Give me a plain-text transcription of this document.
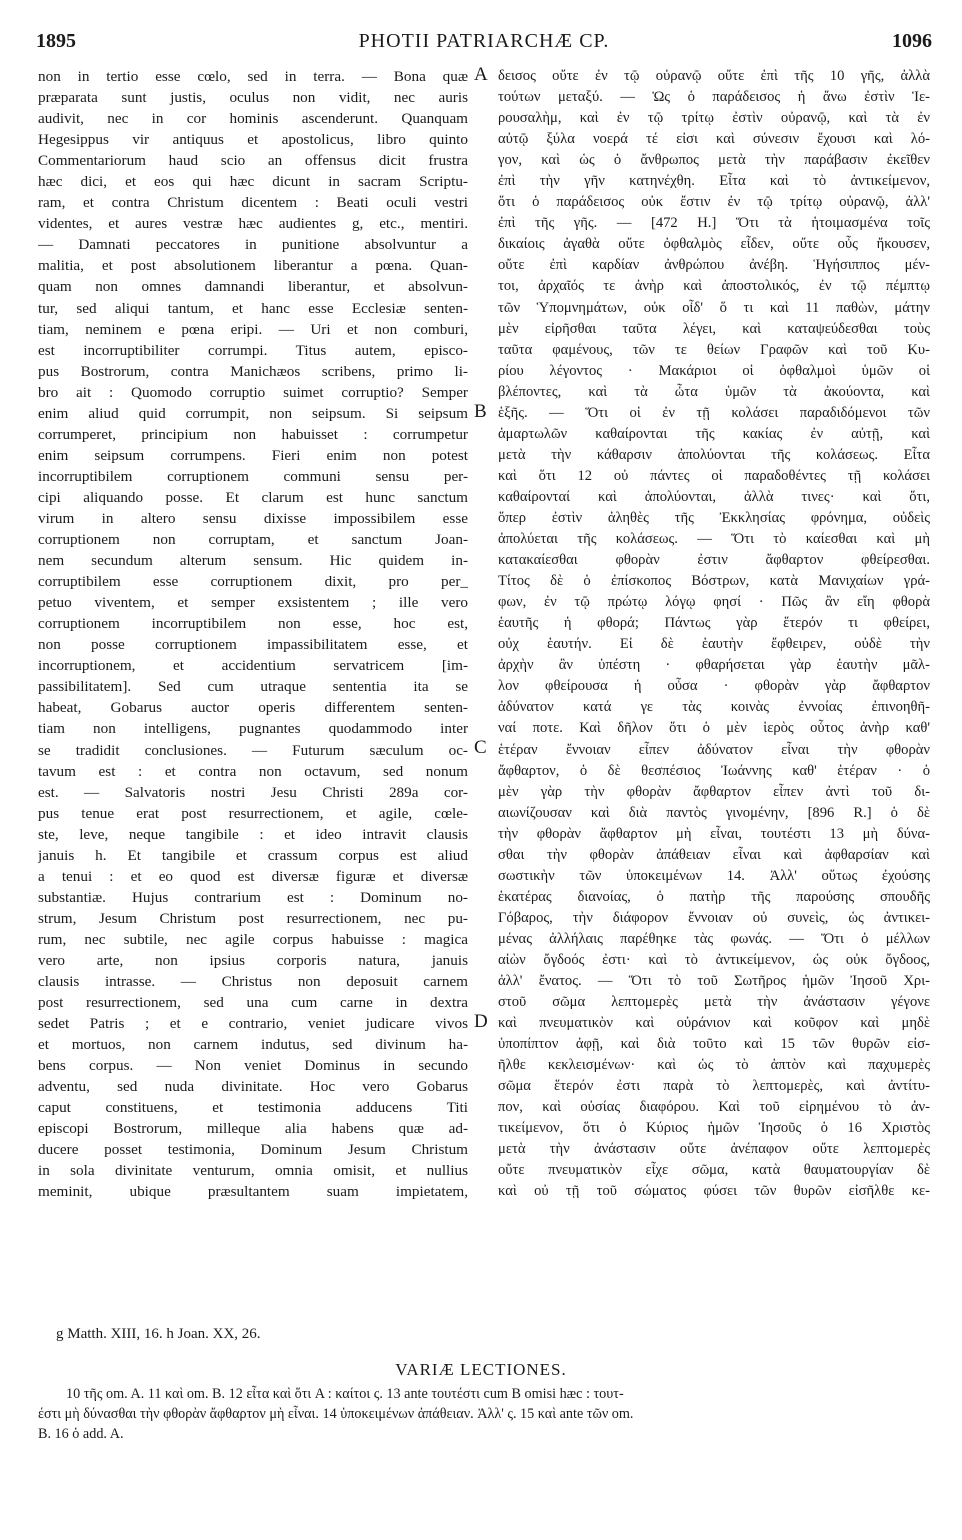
1895	PHOTII PATRIARCHÆ CP.	1096
non in tertio esse cœlo, sed in terra. — Bona quæ
præparata sunt justis, oculus non vidit, nec auris
audivit, nec in cor hominis ascenderunt. Quanquam
Hegesippus vir antiquus et apostolicus, libro quinto
Commentariorum haud scio an offensus dicit frustra
hæc dici, et eos qui hæc dicunt in sacram Scriptu-
ram, et contra Christum dicentem : Beati oculi vestri
videntes, et aures vestræ hæc audientes g, etc., mentiri.
— Damnati peccatores in punitione absolvuntur a
malitia, et post absolutionem liberantur a pœna. Quan-
quam non omnes damnandi liberantur, et absolvun-
tur, sed aliqui tantum, et hanc esse Ecclesiæ senten-
tiam, neminem e pœna eripi. — Uri et non comburi,
est incorruptibiliter corrumpi. Titus autem, episco-
pus Bostrorum, contra Manichæos scribens, primo li-
bro ait : Quomodo corruptio suimet corruptio? Semper
enim aliud quid corrumpit, non seipsum. Si seipsum
corrumperet, principium non habuisset : corrumpetur
enim seipsum corrumpens. Fieri enim non potest
incorruptibilem corruptionem communi sensu per-
cipi aliquando posse. Et clarum est hunc sanctum
virum in altero sensu dixisse impossibilem esse
corruptionem non corruptam, et sanctum Joan-
nem secundum alterum sensum. Hic quidem in-
corruptibilem esse corruptionem dixit, pro per_
petuo viventem, et semper exsistentem ; ille vero
corruptionem incorruptibilem non esse, hoc est,
non posse corruptionem impassibilitatem esse, et
incorruptionem, et accidentium servatricem [im-
passibilitatem]. Sed cum utraque sententia ita se
habeat, Gobarus auctor operis differentem senten-
tiam non intelligens, pugnantes quodammodo inter
se tradidit conclusiones. — Futurum sæculum oc-
tavum est : et contra non octavum, sed nonum
est. — Salvatoris nostri Jesu Christi 289a cor-
pus tenue erat post resurrectionem, et agile, cœle-
ste, leve, neque tangibile : et ideo intravit clausis
januis h. Et tangibile et crassum corpus est aliud
a tenui : et eo quod est diversæ figuræ et diversæ
substantiæ. Hujus contrarium est : Dominum no-
strum, Jesum Christum post resurrectionem, nec pu-
rum, nec subtile, nec agile corpus habuisse : magica
vero arte, non ipsius corporis natura, januis
clausis intrasse. — Christus non deposuit carnem
post resurrectionem, sed una cum carne in dextra
sedet Patris ; et e contrario, veniet judicare vivos
et mortuos, non carnem indutus, sed divinum ha-
bens corpus. — Non veniet Dominus in secundo
adventu, sed nuda divinitate. Hoc vero Gobarus
caput constituens, et testimonia adducens Titi
episcopi Bostrorum, milleque alia habens quæ ad-
ducere posset testimonia, Dominum Jesum Christum
in sola divinitate venturum, omnia omisit, et nullius
meminit, ubique præsultantem suam impietatem,
δεισος οὔτε ἐν τῷ οὐρανῷ οὔτε ἐπὶ τῆς 10 γῆς, ἀλλὰ
τούτων μεταξύ. — Ὡς ὁ παράδεισος ἡ ἄνω ἐστὶν Ἱε-
ρουσαλὴμ, καὶ ἐν τῷ τρίτῳ ἐστὶν οὐρανῷ, καὶ τὰ ἐν
αὐτῷ ξύλα νοερά τέ εἰσι καὶ σύνεσιν ἔχουσι καὶ λό-
γον, καὶ ὡς ὁ ἄνθρωπος μετὰ τὴν παράβασιν ἐκεῖθεν
ἐπὶ τὴν γῆν κατηνέχθη. Εἶτα καὶ τὸ ἀντικείμενον,
ὅτι ὁ παράδεισος οὐκ ἔστιν ἐν τῷ τρίτῳ οὐρανῷ, ἀλλ'
ἐπὶ τῆς γῆς. — [472 H.] Ὅτι τὰ ἡτοιμασμένα τοῖς
δικαίοις ἀγαθὰ οὔτε ὀφθαλμὸς εἶδεν, οὔτε οὖς ἤκουσεν,
οὔτε ἐπὶ καρδίαν ἀνθρώπου ἀνέβη. Ἡγήσιππος μέν-
τοι, ἀρχαῖός τε ἀνὴρ καὶ ἀποστολικός, ἐν τῷ πέμπτῳ
τῶν Ὑπομνημάτων, οὐκ οἶδ' ὅ τι καὶ 11 παθὼν, μάτην
μὲν εἰρῆσθαι ταῦτα λέγει, καὶ καταψεύδεσθαι τοὺς
ταῦτα φαμένους, τῶν τε θείων Γραφῶν καὶ τοῦ Κυ-
ρίου λέγοντος · Μακάριοι οἱ ὀφθαλμοὶ ὑμῶν οἱ
βλέποντες, καὶ τὰ ὦτα ὑμῶν τὰ ἀκούοντα, καὶ
ἑξῆς. — Ὅτι οἱ ἐν τῇ κολάσει παραδιδόμενοι τῶν
ἁμαρτωλῶν καθαίρονται τῆς κακίας ἐν αὐτῇ, καὶ
μετὰ τὴν κάθαρσιν ἀπολύονται τῆς κολάσεως. Εἶτα
καὶ ὅτι 12 οὐ πάντες οἱ παραδοθέντες τῇ κολάσει
καθαίρονταί καὶ ἀπολύονται, ἀλλὰ τινες· καὶ ὅτι,
ὅπερ ἐστὶν ἀληθὲς τῆς Ἐκκλησίας φρόνημα, οὐδεὶς
ἀπολύεται τῆς κολάσεως. — Ὅτι τὸ καίεσθαι καὶ μὴ
κατακαίεσθαι φθορὰν ἐστιν ἄφθαρτον φθείρεσθαι.
Τίτος δὲ ὁ ἐπίσκοπος Βόστρων, κατὰ Μανιχαίων γρά-
φων, ἐν τῷ πρώτῳ λόγῳ φησί · Πῶς ἂν εἴη φθορὰ
ἑαυτῆς ἡ φθορά; Πάντως γὰρ ἕτερόν τι φθείρει,
οὐχ ἑαυτήν. Εἰ δὲ ἑαυτὴν ἔφθειρεν, οὐδὲ τὴν
ἀρχὴν ἂν ὑπέστη · φθαρήσεται γὰρ ἑαυτὴν μᾶλ-
λον φθείρουσα ἡ οὖσα · φθορὰν γὰρ ἄφθαρτον
ἀδύνατον κατά γε τὰς κοινὰς ἐννοίας ἐπινοηθῆ-
ναί ποτε. Καὶ δῆλον ὅτι ὁ μὲν ἱερὸς οὗτος ἀνὴρ καθ'
ἑτέραν ἔννοιαν εἶπεν ἀδύνατον εἶναι τὴν φθορὰν
ἄφθαρτον, ὁ δὲ θεσπέσιος Ἰωάννης καθ' ἑτέραν · ὁ
μὲν γὰρ τὴν φθορὰν ἄφθαρτον εἶπεν ἀντὶ τοῦ δι-
αιωνίζουσαν καὶ διὰ παντὸς γινομένην, [896 R.] ὁ δὲ
τὴν φθορὰν ἄφθαρτον μὴ εἶναι, τουτέστι 13 μὴ δύνα-
σθαι τὴν φθορὰν ἀπάθειαν εἶναι καὶ ἀφθαρσίαν καὶ
σωστικὴν τῶν ὑποκειμένων 14. Ἀλλ' οὕτως ἐχούσης
ἑκατέρας διανοίας, ὁ πατὴρ τῆς παρούσης σπουδῆς
Γόβαρος, τὴν διάφορον ἔννοιαν οὐ συνεὶς, ὡς ἀντικει-
μένας ἀλλήλαις παρέθηκε τὰς φωνάς. — Ὅτι ὁ μέλλων
αἰὼν ὄγδοός ἐστι· καὶ τὸ ἀντικείμενον, ὡς οὐκ ὄγδοος,
ἀλλ' ἔνατος. — Ὅτι τὸ τοῦ Σωτῆρος ἡμῶν Ἰησοῦ Χρι-
στοῦ σῶμα λεπτομερὲς μετὰ τὴν ἀνάστασιν γέγονε
καὶ πνευματικὸν καὶ οὐράνιον καὶ κοῦφον καὶ μηδὲ
ὑποπίπτον ἀφῇ, καὶ διὰ τοῦτο καὶ 15 τῶν θυρῶν εἰσ-
ῆλθε κεκλεισμένων· καὶ ὡς τὸ ἁπτὸν καὶ παχυμερὲς
σῶμα ἕτερόν ἐστι παρὰ τὸ λεπτομερὲς, καὶ ἀντίτυ-
πον, καὶ οὐσίας διαφόρου. Καὶ τοῦ εἰρημένου τὸ ἀν-
τικείμενον, ὅτι ὁ Κύριος ἡμῶν Ἰησοῦς ὁ 16 Χριστὸς
μετὰ τὴν ἀνάστασιν οὔτε ἀνέπαφον οὔτε λεπτομερὲς
οὔτε πνευματικὸν εἶχε σῶμα, κατὰ θαυματουργίαν δὲ
καὶ οὐ τῇ τοῦ σώματος φύσει τῶν θυρῶν εἰσῆλθε κε-
A
B
C
D
g Matth. XIII, 16. h Joan. XX, 26.
VARIÆ LECTIONES.
10 τῆς om. A. 11 καὶ om. B. 12 εἶτα καὶ ὅτι A : καίτοι ς. 13 ante τουτέστι cum B omisi hæc : τουτ-
έστι μὴ δύνασθαι τὴν φθορὰν ἄφθαρτον μὴ εἶναι. 14 ὑποκειμένων ἀπάθειαν. Ἀλλ' ς. 15 καὶ ante τῶν om.
B. 16 ὁ add. A.
